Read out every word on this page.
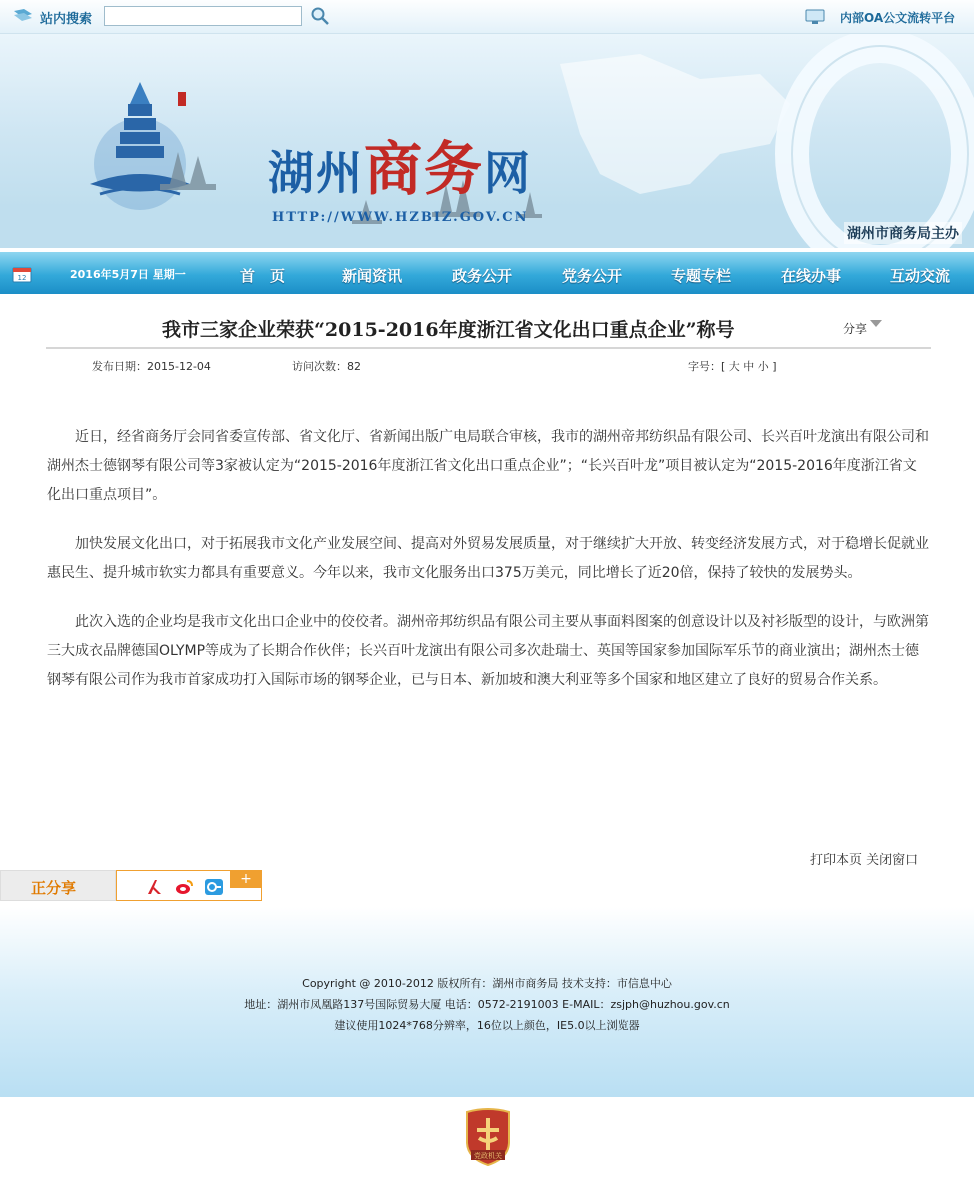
站内搜索	内部OA公文流转平台
湖州商务网
HTTP://WWW.HZBIZ.GOV.CN
湖州市商务局主办
12	2016年5月7日 星期一	首　页	新闻资讯	政务公开	党务公开	专题专栏	在线办事	互动交流
我市三家企业荣获“2015-2016年度浙江省文化出口重点企业”称号	分享
发布日期：2015-12-04	访问次数：82	字号：[ 大 中 小 ]

近日，经省商务厅会同省委宣传部、省文化厅、省新闻出版广电局联合审核，我市的湖州帝邦纺织品有限公司、长兴百叶龙演出有限公司和湖州杰士德钢琴有限公司等3家被认定为“2015-2016年度浙江省文化出口重点企业”；“长兴百叶龙”项目被认定为“2015-2016年度浙江省文化出口重点项目”。

加快发展文化出口，对于拓展我市文化产业发展空间、提高对外贸易发展质量，对于继续扩大开放、转变经济发展方式，对于稳增长促就业惠民生、提升城市软实力都具有重要意义。今年以来，我市文化服务出口375万美元，同比增长了近20倍，保持了较快的发展势头。

此次入选的企业均是我市文化出口企业中的佼佼者。湖州帝邦纺织品有限公司主要从事面料图案的创意设计以及衬衫版型的设计，与欧洲第三大成衣品牌德国OLYMP等成为了长期合作伙伴；长兴百叶龙演出有限公司多次赴瑞士、英国等国家参加国际军乐节的商业演出；湖州杰士德钢琴有限公司作为我市首家成功打入国际市场的钢琴企业，已与日本、新加坡和澳大利亚等多个国家和地区建立了良好的贸易合作关系。

打印本页 关闭窗口
正分享	+
Copyright @ 2010-2012 版权所有：湖州市商务局 技术支持：市信息中心
地址：湖州市凤凰路137号国际贸易大厦 电话：0572-2191003 E-MAIL：zsjph@huzhou.gov.cn
建议使用1024*768分辨率，16位以上颜色，IE5.0以上浏览器
党政机关
